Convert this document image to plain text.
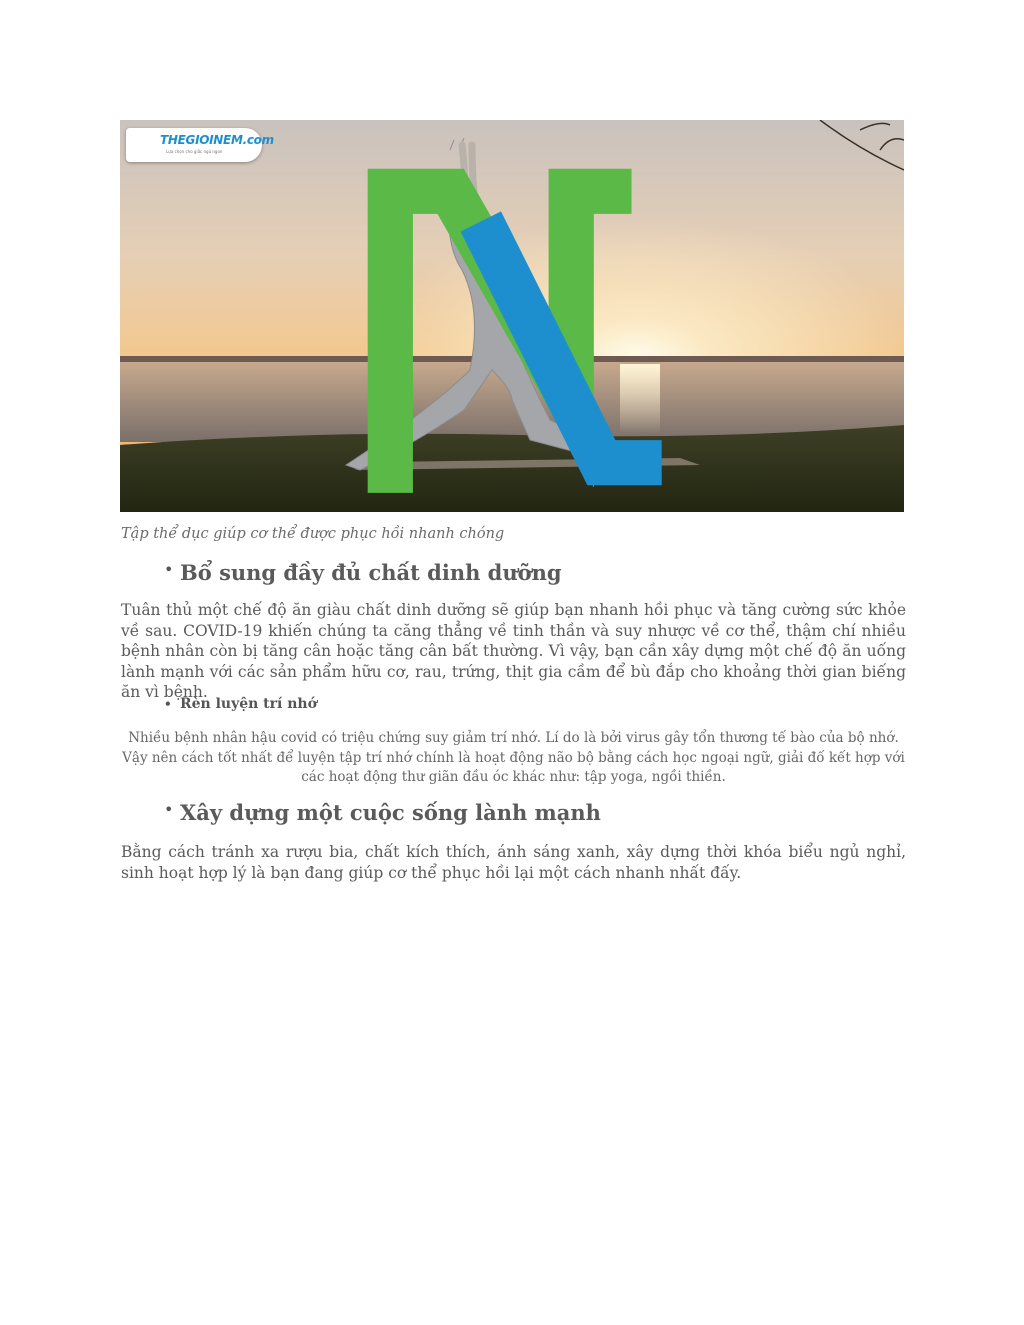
THEGIOINEM.com
Lựa chọn cho giấc ngủ ngon
Tập thể dục giúp cơ thể được phục hồi nhanh chóng
• Bổ sung đầy đủ chất dinh dưỡng
Tuân thủ một chế độ ăn giàu chất dinh dưỡng sẽ giúp bạn nhanh hồi phục và tăng cường sức khỏe về sau. COVID-19 khiến chúng ta căng thẳng về tinh thần và suy nhược về cơ thể, thậm chí nhiều bệnh nhân còn bị tăng cân hoặc tăng cân bất thường. Vì vậy, bạn cần xây dựng một chế độ ăn uống lành mạnh với các sản phẩm hữu cơ, rau, trứng, thịt gia cầm để bù đắp cho khoảng thời gian biếng ăn vì bệnh.
• Rèn luyện trí nhớ
Nhiều bệnh nhân hậu covid có triệu chứng suy giảm trí nhớ. Lí do là bởi virus gây tổn thương tế bào của bộ nhớ. Vậy nên cách tốt nhất để luyện tập trí nhớ chính là hoạt động não bộ bằng cách học ngoại ngữ, giải đố kết hợp với các hoạt động thư giãn đầu óc khác như: tập yoga, ngồi thiền.
• Xây dựng một cuộc sống lành mạnh
Bằng cách tránh xa rượu bia, chất kích thích, ánh sáng xanh, xây dựng thời khóa biểu ngủ nghỉ, sinh hoạt hợp lý là bạn đang giúp cơ thể phục hồi lại một cách nhanh nhất đấy.
